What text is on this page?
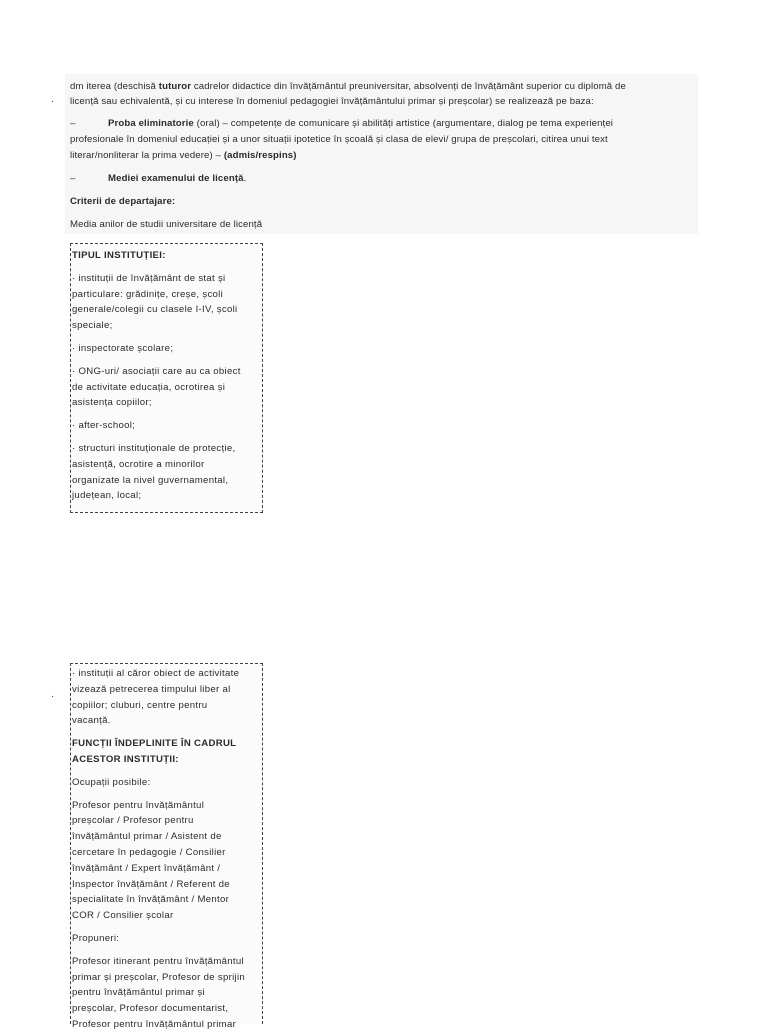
·
·
dm iterea (deschisă tuturor cadrelor didactice din învățământul preuniversitar, absolvenți de învățământ superior cu diplomă de
licență sau echivalentă, și cu interese în domeniul pedagogiei învățământului primar și preșcolar) se realizează pe baza:
–	Proba eliminatorie (oral) – competențe de comunicare și abilități artistice (argumentare, dialog pe tema experienței
profesionale în domeniul educației și a unor situații ipotetice în școală și clasa de elevi/ grupa de preșcolari, citirea unui text
literar/nonliterar la prima vedere) – (admis/respins)
–	Mediei examenului de licență.
Criterii de departajare:
Media anilor de studii universitare de licență

TIPUL INSTITUȚIEI:

· instituții de învățământ de stat și
particulare: grădinițe, creșe, școli
generale/colegii cu clasele I-IV, școli
speciale;

· inspectorate școlare;

· ONG-uri/ asociații care au ca obiect
de activitate educația, ocrotirea și
asistența copiilor;

· after-school;

· structuri instituționale de protecție,
asistență, ocrotire a minorilor
organizate la nivel guvernamental,
județean, local;

· instituții al căror obiect de activitate
vizează petrecerea timpului liber al
copiilor; cluburi, centre pentru
vacanță.

FUNCȚII ÎNDEPLINITE ÎN CADRUL
ACESTOR INSTITUȚII:

Ocupații posibile:

Profesor pentru învățământul
preșcolar / Profesor pentru
învățământul primar / Asistent de
cercetare în pedagogie / Consilier
învățământ / Expert învățământ /
Inspector învățământ / Referent de
specialitate în învățământ / Mentor
COR / Consilier școlar

Propuneri:

Profesor itinerant pentru învățământul
primar și preșcolar, Profesor de sprijin
pentru învățământul primar și
preșcolar, Profesor documentarist,
Profesor pentru învățământul primar
